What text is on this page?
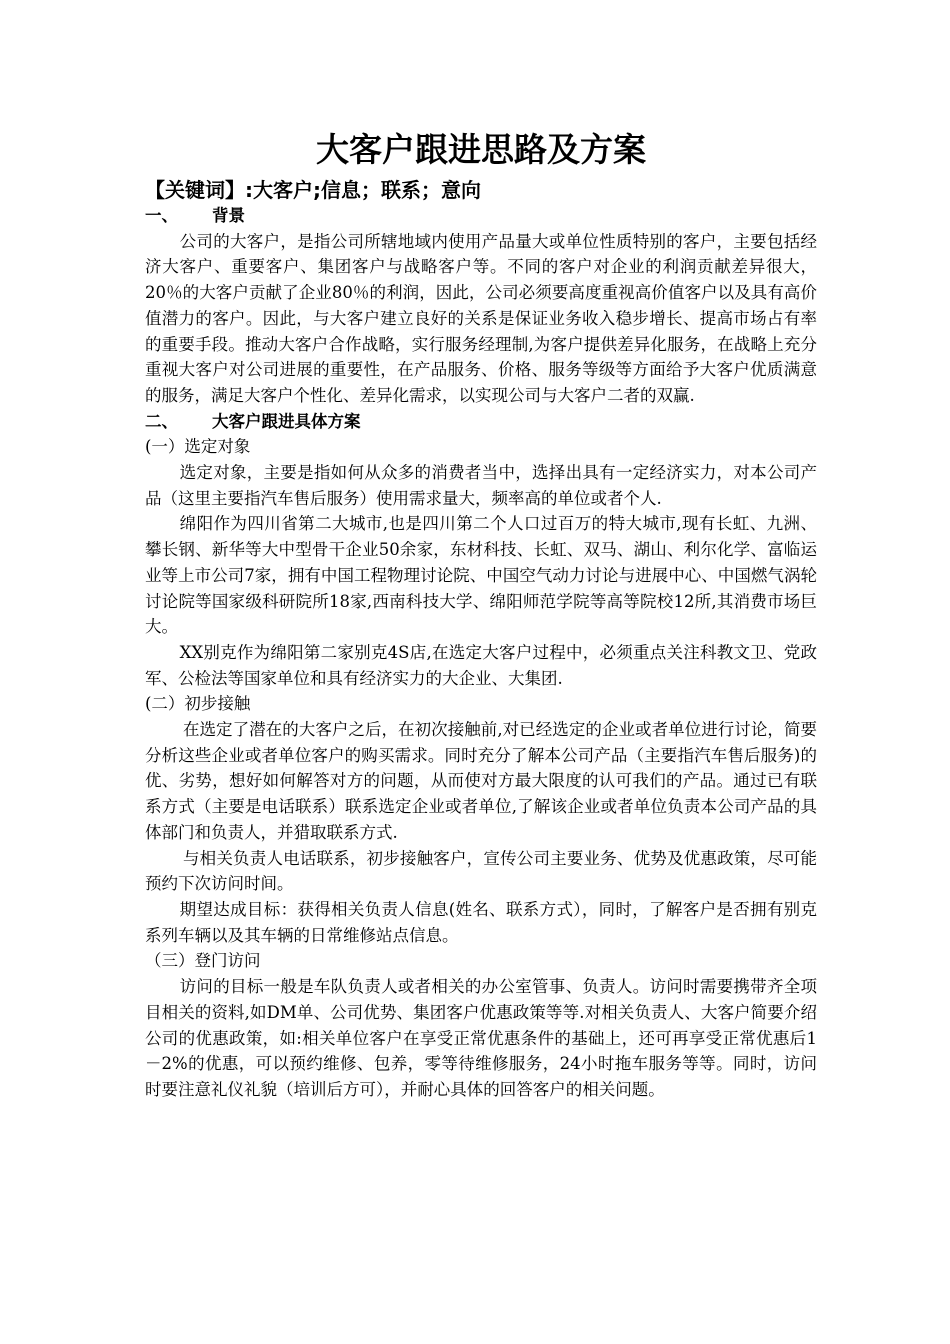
大客户跟进思路及方案

【关键词】:大客户;信息；联系；意向

一、 背景

公司的大客户，是指公司所辖地域内使用产品量大或单位性质特别的客户，主要包括经济大客户、重要客户、集团客户与战略客户等。不同的客户对企业的利润贡献差异很大，20％的大客户贡献了企业80％的利润，因此，公司必须要高度重视高价值客户以及具有高价值潜力的客户。因此，与大客户建立良好的关系是保证业务收入稳步增长、提高市场占有率的重要手段。推动大客户合作战略，实行服务经理制,为客户提供差异化服务，在战略上充分重视大客户对公司进展的重要性，在产品服务、价格、服务等级等方面给予大客户优质满意的服务，满足大客户个性化、差异化需求，以实现公司与大客户二者的双赢.

二、 大客户跟进具体方案

(一）选定对象

选定对象，主要是指如何从众多的消费者当中，选择出具有一定经济实力，对本公司产品（这里主要指汽车售后服务）使用需求量大，频率高的单位或者个人.

绵阳作为四川省第二大城市,也是四川第二个人口过百万的特大城市,现有长虹、九洲、攀长钢、新华等大中型骨干企业50余家，东材科技、长虹、双马、湖山、利尔化学、富临运业等上市公司7家，拥有中国工程物理讨论院、中国空气动力讨论与进展中心、中国燃气涡轮讨论院等国家级科研院所18家,西南科技大学、绵阳师范学院等高等院校12所,其消费市场巨大。

XX别克作为绵阳第二家别克4S店,在选定大客户过程中，必须重点关注科教文卫、党政军、公检法等国家单位和具有经济实力的大企业、大集团.

(二）初步接触

在选定了潜在的大客户之后，在初次接触前,对已经选定的企业或者单位进行讨论，简要分析这些企业或者单位客户的购买需求。同时充分了解本公司产品（主要指汽车售后服务)的优、劣势，想好如何解答对方的问题，从而使对方最大限度的认可我们的产品。通过已有联系方式（主要是电话联系）联系选定企业或者单位,了解该企业或者单位负责本公司产品的具体部门和负责人，并猎取联系方式.

与相关负责人电话联系，初步接触客户，宣传公司主要业务、优势及优惠政策，尽可能预约下次访问时间。

期望达成目标：获得相关负责人信息(姓名、联系方式），同时，了解客户是否拥有别克系列车辆以及其车辆的日常维修站点信息。

（三）登门访问

访问的目标一般是车队负责人或者相关的办公室管事、负责人。访问时需要携带齐全项目相关的资料,如DM单、公司优势、集团客户优惠政策等等.对相关负责人、大客户简要介绍公司的优惠政策，如:相关单位客户在享受正常优惠条件的基础上，还可再享受正常优惠后1－2%的优惠，可以预约维修、包养，零等待维修服务，24小时拖车服务等等。同时，访问时要注意礼仪礼貌（培训后方可），并耐心具体的回答客户的相关问题。
